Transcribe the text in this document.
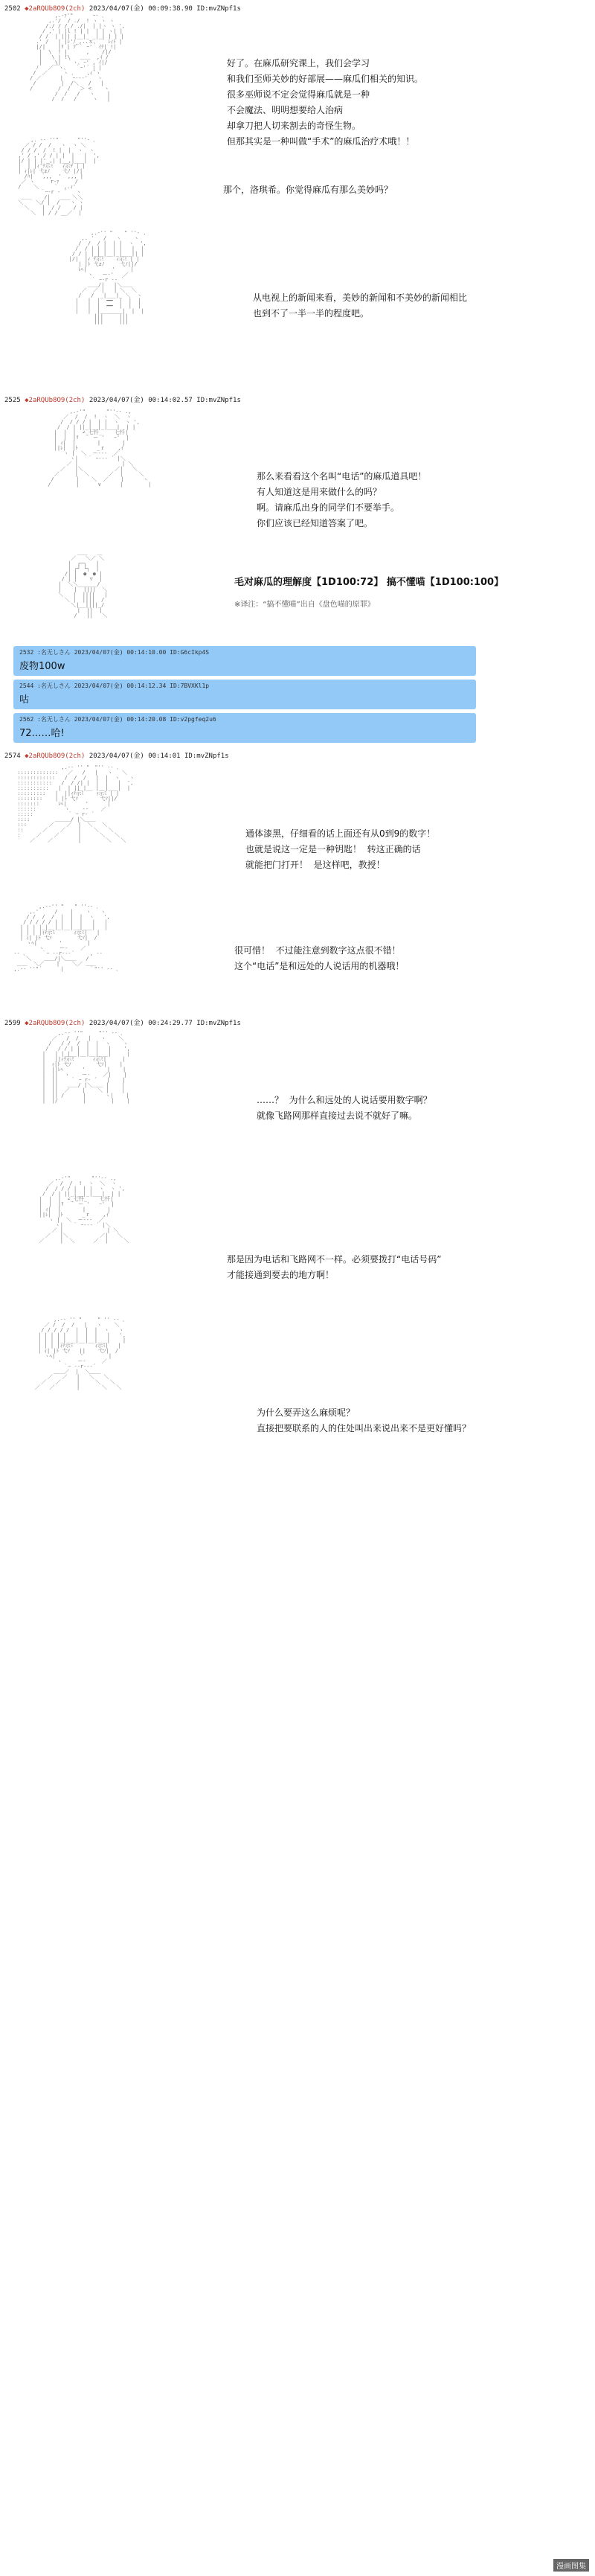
2502 ◆2aRQUb8O9(2ch) 2023/04/07(金) 00:09:38.90 ID:mvZNpf1s
,.-ｧ'" ￣￣  ｰ- ､
,.'/  / ./  ! ヽ ヽ ヽ
/./ / / / ./|  | |ヽ ヽ ',
/ ,' | |l ! | |  | | ヽ| |
/ /  | ||| |__|_ _|_| | | |
.' /   | |ﾚ'ﾉ_,..ｘ、 ` ﾚｨﾄ |
|/|    |ﾘ | ﾌﾟ｀ ｰ'  ｲﾃ| !|
|  \  ! |      ,    /|/
|   \ | !\   ＿＿  ,ｲ /
|    \|  ｀ヽ､ ｰ' , ｲ|/
ﾉ   ／￣ヽ、  ｀ｰ'´ | |
/  ／     ヽ ､    ,ｨ´ヽ
/ ／      |   ｰ--‐'   ヽ
/        |  /＼   /   |
/        /  /   ＞ <    ヽ
/  /   /   ヽ    |
/  /   /     ヽ   |
好了。在麻瓜研究课上，我们会学习
和我们至师关妙的好部展——麻瓜们相关的知识。
很多巫师说不定会觉得麻瓜就是一种
不会魔法、明明想要给人治病
却拿刀把人切来割去的奇怪生物。
但那其实是一种叫做“手术”的麻瓜治疗术哦！！
,. -‐ ''"´￣￣｀"''‐ ､
／ / /  /   ヽ  ヽ ＼
/ / /  /  ! |  |  ヽ  ヽ
,' / ,' / / | |  |   |  ',
|/ | | |'_,| |__,|___|  |
|  | |ｨ'ﾃ示ﾐ   ｨ示ｦ | |
| ｨ|ﾚ| 弋zﾉ    弋ﾉ |/|
/ﾊ|   ,,,  '  ,,, |
／ ヽ     r‐ｧ     /
/    ＼     `  ,.ｨ'
｀ｰ-r ‐ ´   ヽ
＿＿    /|       ＼＼
＼    ＼/ |  /￣￣ヽ ヽ
＼    |  / /    / |
＼  | / / __／  |
那个，洛琪希。你觉得麻瓜有那么美妙吗？
,.-'' " ￣ " ''‐ .
,. '   /   ヽ    ヽ
/  /  / |  | |  ヽ  ',
/  / | | |  | |   |  |
/ / | |_|_|__|_|___|| |
|/|  |ｨ ﾃ示ﾐ    ｨ示ﾐ | |
| |ﾄ 弋zﾉ     弋ﾉ||/
ﾚﾍ|        '     |
ヽ   ー‐'   ／
｀ ｰ-r -‐ ´
＿＿/|   |＼＿＿
／  ／ |   | ＼  ＼
/   /  _|___|_ ＼  ヽ
|   |  |  ━━  |  |  |
|   |  |  ━━  |  |  |
|   |  |_______|  |  |
|||     |||
|||     |||
从电视上的新闻来看，美妙的新闻和不美妙的新闻相比
也到不了一半一半的程度吧。
2525 ◆2aRQUb8O9(2ch) 2023/04/07(金) 00:14:02.57 ID:mvZNpf1s
,.-'"￣￣￣￣"''‐- .,
／  /  /  !  ヽ  ＼  ヽ
/  / / / |  | |  ヽ  ヽ ',
/  / | ||_|__|_|___|  | |
|  |  |  ∠_七忏_    七忏|
|  |  |ﾘ  ｀ ー '   ｰ'  |
| ｨ|  |       |       |
||ﾚ|  |ﾄ      _ｒ    ,ｲ
ヽ |  ＼  ー--‐  ／
ヽ|   ｀ ｰ--‐ ´ |＼
／ |              | ＼
／   |＼          ／|   ＼
／     |  ＼      ／  |     ＼
/       |    ＼  ／    |      ヽ
/        |      ∨      |        |
那么来看看这个名叫“电话”的麻瓜道具吧！
有人知道这是用来做什么的吗？
啊。请麻瓜出身的同学们不要举手。
你们应该已经知道答案了吧。
＿＿   ＿
／   ＼／ ＼
|  ┌─┐   |
| ┌┘ └┐  |
/| |  ●  ● |
/ | |    ▽  |
|  ＼＼______/
|    |  ||||  ＼
＼   |  ||||   |
＼ |  ||||  /
＼|__||||_/
|  ||  |
/   ||   ＼
毛对麻瓜的理解度【1D100:72】 搞不懂喵【1D100:100】
※译注：“搞不懂喵”出自《盘色喵的原罪》
2532 :名无しさん 2023/04/07(金) 00:14:10.00 ID:G6cIkp4S
废物100w
2544 :名无しさん 2023/04/07(金) 00:14:12.34 ID:7BVXKl1p
咕
2562 :名无しさん 2023/04/07(金) 00:14:20.08 ID:v2pgfeq2u6
72……哈!
2574 ◆2aRQUb8O9(2ch) 2023/04/07(金) 00:14:01 ID:mvZNpf1s
,.-‐ '' "￣"'' ‐- ､
:::::::::::::   ／   /   |   ヽ   ＼
::::::::::::   /  /  /   |  |  ヽ   ヽ
:::::::::::   /  / /| |  |  |   |  ',
::::::::::   |  | ||_|__ |__|___|  |
:::::::::   |  ||ｨﾃ示ﾐ    ｨ示ﾐ | |
::::::::    | |ﾄ 弋ｿ       弋ｿ||/
:::::::      ﾚﾍ|      '      |
::::::         ヽ    ‐-    ／
:::::           ｀ ｰ r‐ ´
::::        ＿＿＿/ |＼＿＿
:::       ／    ／  |  ＼   ＼
::      ／    ／    |    ＼   ＼
:     ／    ／      |      ＼   ＼
／    ／        |        ＼   ＼
通体漆黑，仔细看的话上面还有从0到9的数字！
也就是说这一定是一种钥匙！  转这正确的话
就能把门打开！  是这样吧，教授！
,.-‐'' "￣￣" ''‐- ､
,.'     /    |    ヽ   ヽ
/ /  /  /  |  |  |  ヽ   ',
/ / / / / | |  |  |   |   |
| | | |_|__|_|__|__|___|   |
| | | |ｨﾃ示ﾐ      ｨ示ﾐ|   |
| ｨ| |ﾄ 弋ｿ        弋ｿ|  /
ヽﾍ|       '        |
ヽ     ー‐    ／
‐- ､     ｀ｰ --r--‐´     , -‐
＼    ＿＿/|＼＿＿   /
＿＿  ＼／    |    ＼／ ＿＿
,.-‐ ''"´      |        ｀"'' ‐- ､
很可惜！  不过能注意到数字这点很不错！
这个“电话”是和远处的人说话用的机器哦！
2599 ◆2aRQUb8O9(2ch) 2023/04/07(金) 00:24:29.77 ID:mvZNpf1s
,.-‐ ''"￣￣￣"'' ‐- ､
／   /  /   |   ヽ    ＼
/   / /  /  |  |  ヽ    ヽ
/   / / | |  |  |   |    ',
|   | |_|__|__|__|___|     |
|   ||ｨﾃ示ﾐ      ｨ示ﾐ|     |
|  ｨ|ﾄ 弋ｿ        弋ｿ|    |
|  ||ﾚﾍ      '       |    |
|  ||  ヽ    ー‐    ／|    |
|  ||    ｀ ｰ r‐ ´   |    |
|  ||   ＿＿/ |＼＿＿ |    |
|  ||  ／    |    ＼ |    |
|  || /      |      ヽ|    |
|  |/        |        |    |	……？  为什么和远处的人说话要用数字啊？
就像飞路网那样直接过去说不就好了嘛。
,.-'"￣￣￣￣"''‐- .,
／  /  /  !  ヽ  ＼  ヽ
/  / / / |  | |  ヽ  ヽ ',
/  / | ||_|__|_|___|  | |
|  |  |  ∠_七忏_    七忏|
|  |  |ﾘ  ｀ ー '   ｰ'  |
| ｨ|  |       |       |
||ﾚ|  |ﾄ      _ｒ    ,ｲ
ヽ |  ＼  ー--‐  ／
ヽ|   ｀ ｰ--‐ ´ |＼
／ |              | ＼
／   |＼          ／|   ＼
／     |  ＼      ／  |     ＼
那是因为电话和飞路网不一样。必须要拨打“电话号码”
才能接通到要去的地方啊！
,.-‐ '' "￣￣￣" '' ‐- ､
／ /  /  /   |   ヽ    ＼
/ / / / /  |  |  |  ヽ   ヽ
| | | | |   |  |  |   |   ',
| | | |_|___|__|__|___|    |
| | | |ｨﾃ示ﾐ       ｨ示ﾐ|   |
| ｨ| |ﾄ 弋ｿ   ||    弋ｿ|  /
ヽﾍ|        '        |
ヽ     ー‐     ／
｀ｰ --r--‐´
＿＿／  |  ＼＿＿
／   ／   |   ＼   ＼
／   ／     |     ＼   ＼
／   ／       |       ＼   ＼
为什么要弄这么麻烦呢？
直接把要联系的人的住处叫出来说出来不是更好懂吗？
漫画图集
